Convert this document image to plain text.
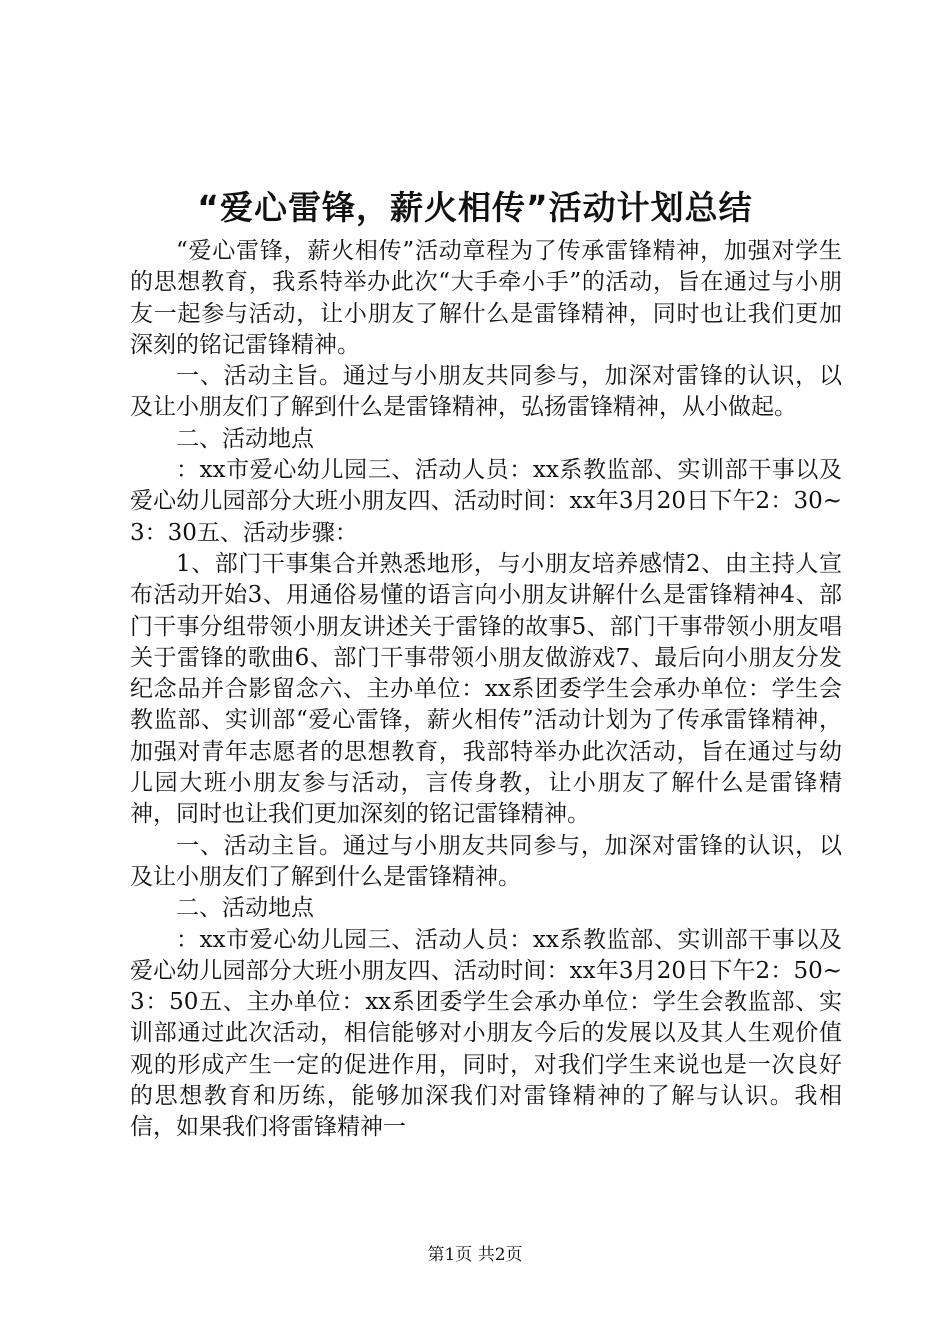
“爱心雷锋，薪火相传”活动计划总结

“爱心雷锋，薪火相传”活动章程为了传承雷锋精神，加强对学生的思想教育，我系特举办此次“大手牵小手”的活动，旨在通过与小朋友一起参与活动，让小朋友了解什么是雷锋精神，同时也让我们更加深刻的铭记雷锋精神。

一、活动主旨。通过与小朋友共同参与，加深对雷锋的认识，以及让小朋友们了解到什么是雷锋精神，弘扬雷锋精神，从小做起。

二、活动地点

：xx市爱心幼儿园三、活动人员：xx系教监部、实训部干事以及爱心幼儿园部分大班小朋友四、活动时间：xx年3月20日下午2：30~3：30五、活动步骤：

1、部门干事集合并熟悉地形，与小朋友培养感情2、由主持人宣布活动开始3、用通俗易懂的语言向小朋友讲解什么是雷锋精神4、部门干事分组带领小朋友讲述关于雷锋的故事5、部门干事带领小朋友唱关于雷锋的歌曲6、部门干事带领小朋友做游戏7、最后向小朋友分发纪念品并合影留念六、主办单位：xx系团委学生会承办单位：学生会教监部、实训部“爱心雷锋，薪火相传”活动计划为了传承雷锋精神，加强对青年志愿者的思想教育，我部特举办此次活动，旨在通过与幼儿园大班小朋友参与活动，言传身教，让小朋友了解什么是雷锋精神，同时也让我们更加深刻的铭记雷锋精神。

一、活动主旨。通过与小朋友共同参与，加深对雷锋的认识，以及让小朋友们了解到什么是雷锋精神。

二、活动地点

：xx市爱心幼儿园三、活动人员：xx系教监部、实训部干事以及爱心幼儿园部分大班小朋友四、活动时间：xx年3月20日下午2：50~3：50五、主办单位：xx系团委学生会承办单位：学生会教监部、实训部通过此次活动，相信能够对小朋友今后的发展以及其人生观价值观的形成产生一定的促进作用，同时，对我们学生来说也是一次良好的思想教育和历练，能够加深我们对雷锋精神的了解与认识。我相信，如果我们将雷锋精神一

第1页 共2页
